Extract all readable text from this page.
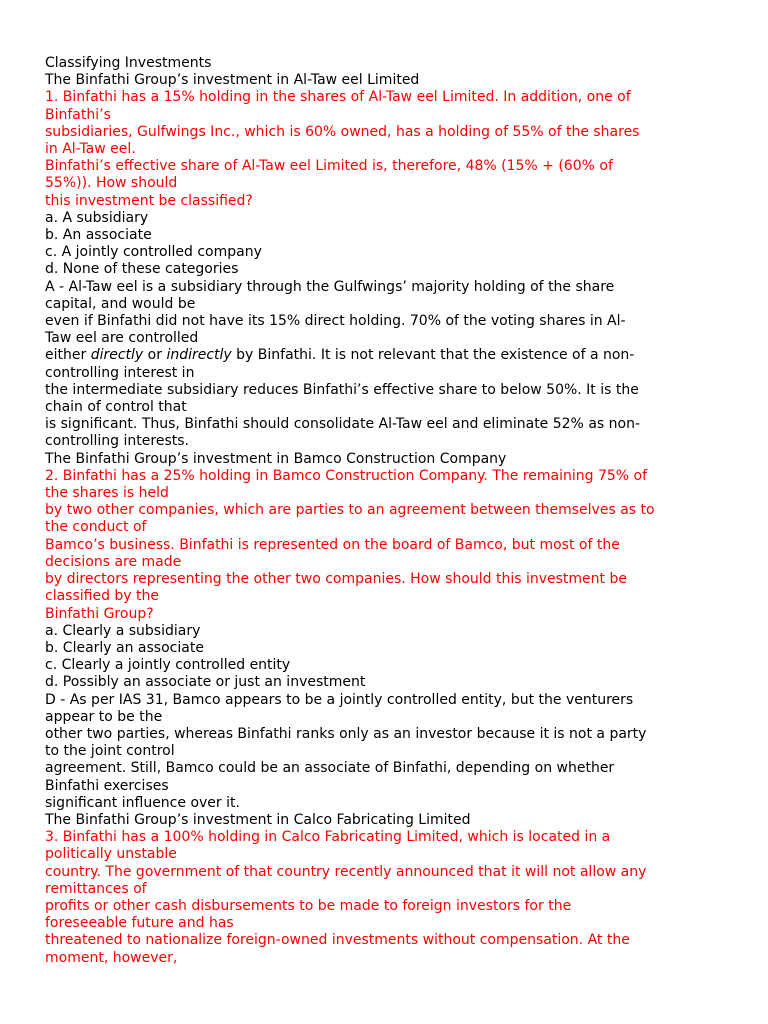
Classifying Investments
The Binfathi Group’s investment in Al-Taw eel Limited
1. Binfathi has a 15% holding in the shares of Al-Taw eel Limited. In addition, one of
Binfathi’s
subsidiaries, Gulfwings Inc., which is 60% owned, has a holding of 55% of the shares
in Al-Taw eel.
Binfathi’s effective share of Al-Taw eel Limited is, therefore, 48% (15% + (60% of
55%)). How should
this investment be classified?
a. A subsidiary
b. An associate
c. A jointly controlled company
d. None of these categories
A - Al-Taw eel is a subsidiary through the Gulfwings’ majority holding of the share
capital, and would be
even if Binfathi did not have its 15% direct holding. 70% of the voting shares in Al-
Taw eel are controlled
either directly or indirectly by Binfathi. It is not relevant that the existence of a non-
controlling interest in
the intermediate subsidiary reduces Binfathi’s effective share to below 50%. It is the
chain of control that
is significant. Thus, Binfathi should consolidate Al-Taw eel and eliminate 52% as non-
controlling interests.
The Binfathi Group’s investment in Bamco Construction Company
2. Binfathi has a 25% holding in Bamco Construction Company. The remaining 75% of
the shares is held
by two other companies, which are parties to an agreement between themselves as to
the conduct of
Bamco’s business. Binfathi is represented on the board of Bamco, but most of the
decisions are made
by directors representing the other two companies. How should this investment be
classified by the
Binfathi Group?
a. Clearly a subsidiary
b. Clearly an associate
c. Clearly a jointly controlled entity
d. Possibly an associate or just an investment
D - As per IAS 31, Bamco appears to be a jointly controlled entity, but the venturers
appear to be the
other two parties, whereas Binfathi ranks only as an investor because it is not a party
to the joint control
agreement. Still, Bamco could be an associate of Binfathi, depending on whether
Binfathi exercises
significant influence over it.
The Binfathi Group’s investment in Calco Fabricating Limited
3. Binfathi has a 100% holding in Calco Fabricating Limited, which is located in a
politically unstable
country. The government of that country recently announced that it will not allow any
remittances of
profits or other cash disbursements to be made to foreign investors for the
foreseeable future and has
threatened to nationalize foreign-owned investments without compensation. At the
moment, however,
